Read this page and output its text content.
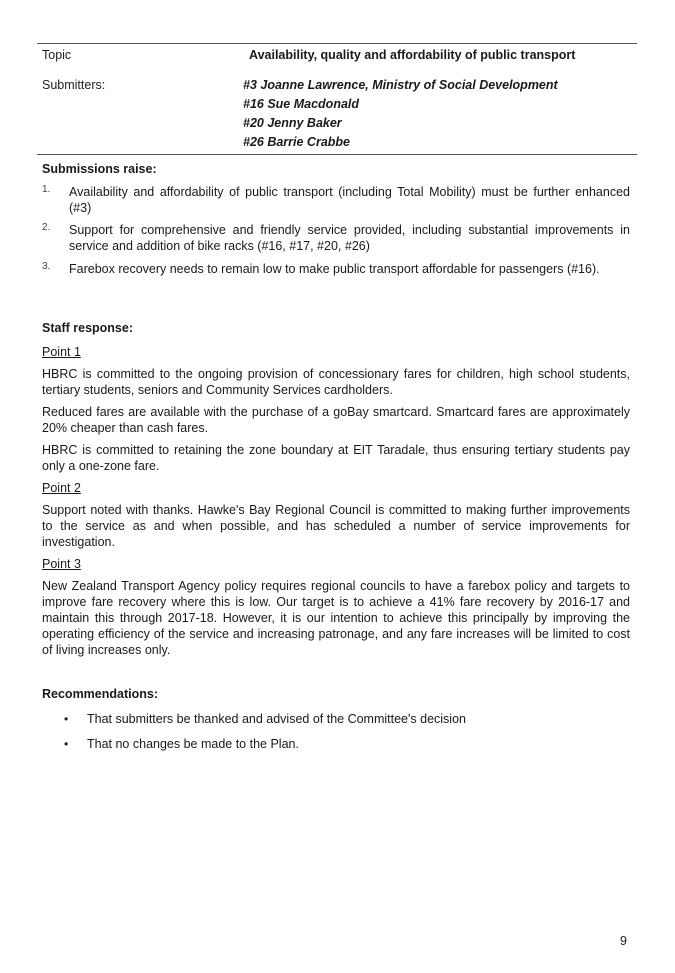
Topic	Availability, quality and affordability of public transport
Submitters:	#3 Joanne Lawrence, Ministry of Social Development
#16 Sue Macdonald
#20 Jenny Baker
#26 Barrie Crabbe
Submissions raise:
1. Availability and affordability of public transport (including Total Mobility) must be further enhanced (#3)

2. Support for comprehensive and friendly service provided, including substantial improvements in service and addition of bike racks (#16, #17, #20, #26)

3. Farebox recovery needs to remain low to make public transport affordable for passengers (#16).

Staff response:
Point 1

HBRC is committed to the ongoing provision of concessionary fares for children, high school students, tertiary students, seniors and Community Services cardholders.

Reduced fares are available with the purchase of a goBay smartcard. Smartcard fares are approximately 20% cheaper than cash fares.

HBRC is committed to retaining the zone boundary at EIT Taradale, thus ensuring tertiary students pay only a one-zone fare.

Point 2

Support noted with thanks. Hawke's Bay Regional Council is committed to making further improvements to the service as and when possible, and has scheduled a number of service improvements for investigation.

Point 3

New Zealand Transport Agency policy requires regional councils to have a farebox policy and targets to improve fare recovery where this is low. Our target is to achieve a 41% fare recovery by 2016-17 and maintain this through 2017-18. However, it is our intention to achieve this principally by improving the operating efficiency of the service and increasing patronage, and any fare increases will be limited to cost of living increases only.

Recommendations:
• That submitters be thanked and advised of the Committee's decision
• That no changes be made to the Plan.
9
